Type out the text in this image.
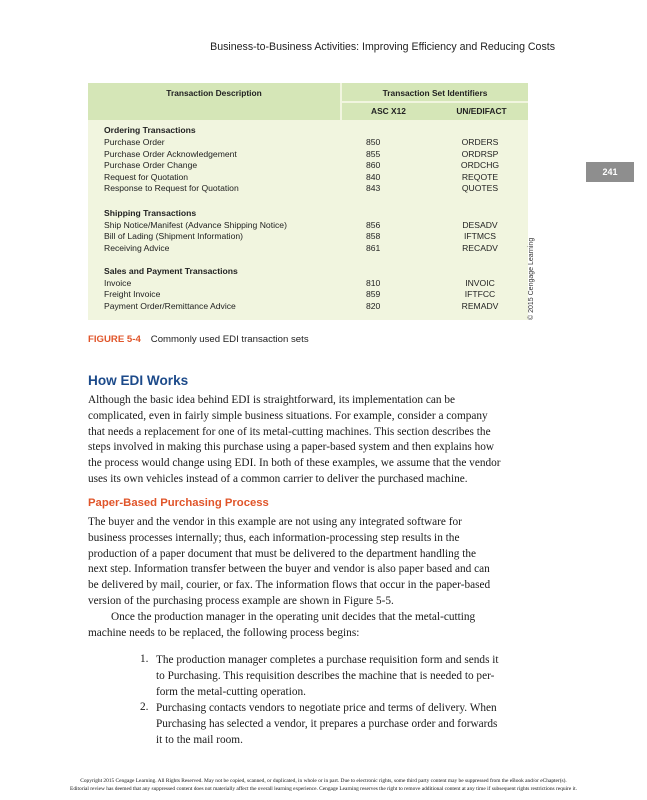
Business-to-Business Activities: Improving Efficiency and Reducing Costs
241
Transaction Description	Transaction Set Identifiers
ASC X12	UN/EDIFACT
Ordering Transactions
Purchase Order	850	ORDERS
Purchase Order Acknowledgement	855	ORDRSP
Purchase Order Change	860	ORDCHG
Request for Quotation	840	REQOTE
Response to Request for Quotation	843	QUOTES
Shipping Transactions
Ship Notice/Manifest (Advance Shipping Notice)	856	DESADV
Bill of Lading (Shipment Information)	858	IFTMCS
Receiving Advice	861	RECADV
Sales and Payment Transactions
Invoice	810	INVOIC
Freight Invoice	859	IFTFCC
Payment Order/Remittance Advice	820	REMADV	© 2015 Cengage Learning
FIGURE 5-4 Commonly used EDI transaction sets
How EDI Works
Although the basic idea behind EDI is straightforward, its implementation can be
complicated, even in fairly simple business situations. For example, consider a company
that needs a replacement for one of its metal-cutting machines. This section describes the
steps involved in making this purchase using a paper-based system and then explains how
the process would change using EDI. In both of these examples, we assume that the vendor
uses its own vehicles instead of a common carrier to deliver the purchased machine.
Paper-Based Purchasing Process
The buyer and the vendor in this example are not using any integrated software for
business processes internally; thus, each information-processing step results in the
production of a paper document that must be delivered to the department handling the
next step. Information transfer between the buyer and vendor is also paper based and can
be delivered by mail, courier, or fax. The information flows that occur in the paper-based
version of the purchasing process example are shown in Figure 5-5.
Once the production manager in the operating unit decides that the metal-cutting
machine needs to be replaced, the following process begins:
1. The production manager completes a purchase requisition form and sends it
to Purchasing. This requisition describes the machine that is needed to per-
form the metal-cutting operation.
2. Purchasing contacts vendors to negotiate price and terms of delivery. When
Purchasing has selected a vendor, it prepares a purchase order and forwards
it to the mail room.
Copyright 2015 Cengage Learning. All Rights Reserved. May not be copied, scanned, or duplicated, in whole or in part. Due to electronic rights, some third party content may be suppressed from the eBook and/or eChapter(s).
Editorial review has deemed that any suppressed content does not materially affect the overall learning experience. Cengage Learning reserves the right to remove additional content at any time if subsequent rights restrictions require it.
